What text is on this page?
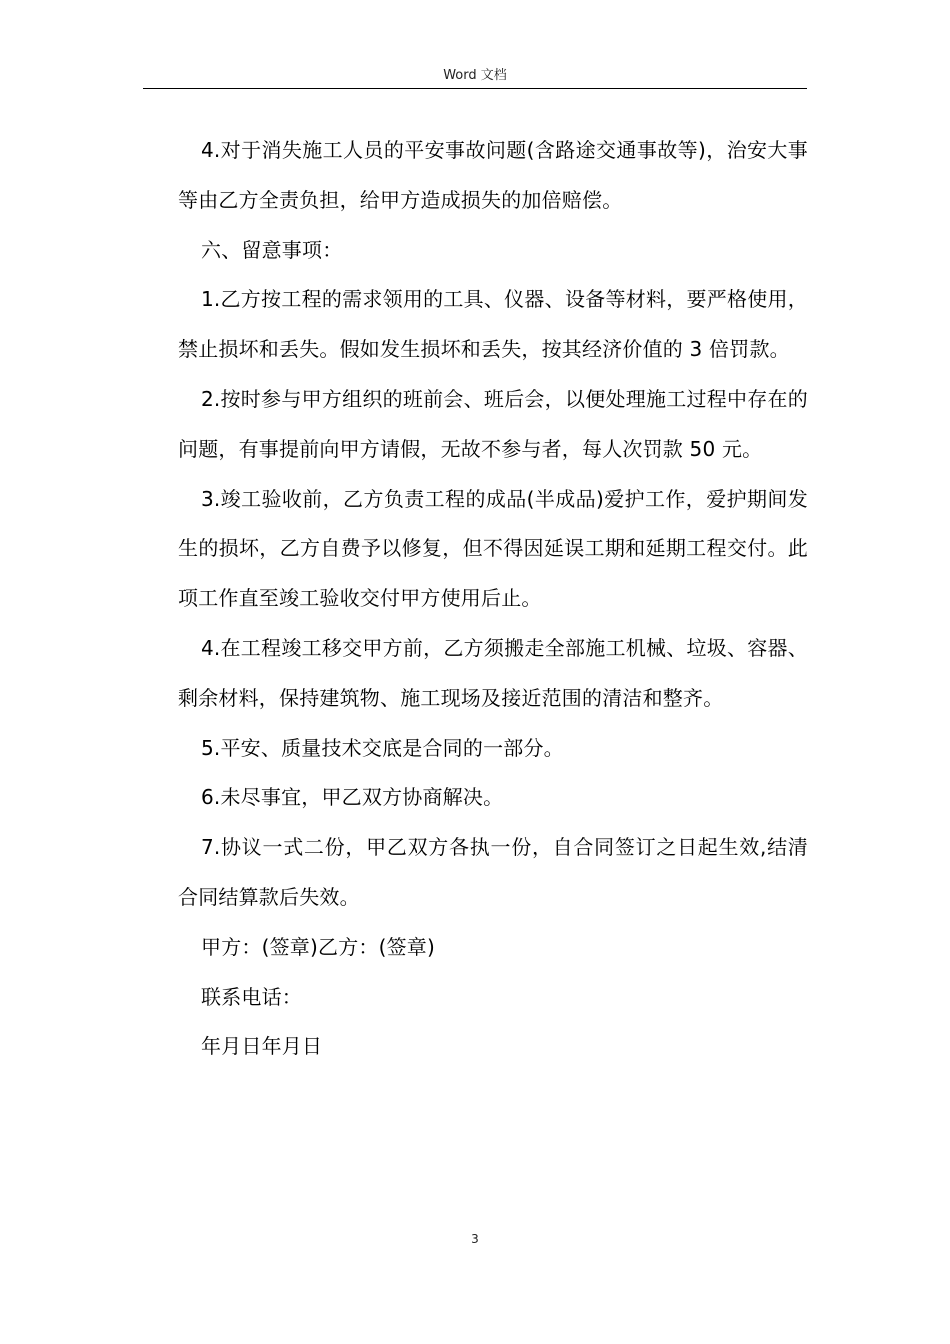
Word 文档

4.对于消失施工人员的平安事故问题(含路途交通事故等)，治安大事等由乙方全责负担，给甲方造成损失的加倍赔偿。

六、留意事项：

1.乙方按工程的需求领用的工具、仪器、设备等材料，要严格使用，禁止损坏和丢失。假如发生损坏和丢失，按其经济价值的 3 倍罚款。

2.按时参与甲方组织的班前会、班后会，以便处理施工过程中存在的问题，有事提前向甲方请假，无故不参与者，每人次罚款 50 元。

3.竣工验收前，乙方负责工程的成品(半成品)爱护工作，爱护期间发生的损坏，乙方自费予以修复，但不得因延误工期和延期工程交付。此项工作直至竣工验收交付甲方使用后止。

4.在工程竣工移交甲方前，乙方须搬走全部施工机械、垃圾、容器、剩余材料，保持建筑物、施工现场及接近范围的清洁和整齐。

5.平安、质量技术交底是合同的一部分。

6.未尽事宜，甲乙双方协商解决。

7.协议一式二份，甲乙双方各执一份，自合同签订之日起生效,结清合同结算款后失效。

甲方：(签章)乙方：(签章)

联系电话：

年月日年月日

3
